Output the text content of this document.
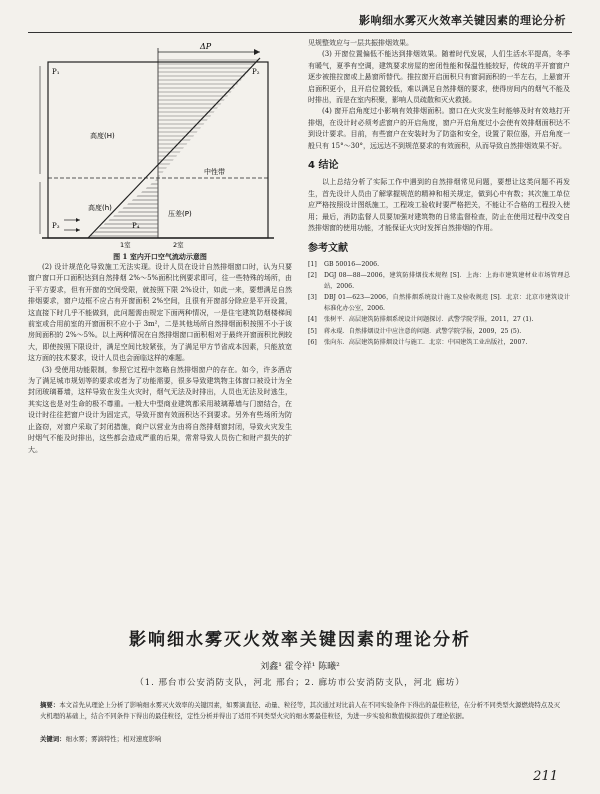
影响细水雾灭火效率关键因素的理论分析
ΔP
P₁	P₂
P₃	P₄
高度(H)
高度(h)
中性带
压差(P)
1室	2室
图 1 室内开口空气流动示意图

(2) 设计规范化导致施工无法实现。设计人员在设计自然排烟窗口时，认为只要窗户窗口开口面积达到自然排烟 2%～5%面积比例要求即可，往一些特殊的场所，由于平方要求，但有开窗的空间受限，就按照下限 2%设计，如此一来，要想满足自然排烟要求，窗户边框不应占有开窗面积 2%空间，且很有开窗部分除应是平开设置，这直接下时几乎不能做到，此问题需由规定下面两种情况，一是住宅建筑防烟楼梯间前室或合用前室的开窗面积不应小于 3m²，二是其他场所自然排烟面积按照不小于该房间面积的 2%～5%。以上两种情况在自然排烟窗口面积相对于最终开窗面积比例较大，即使按照下限设计，满足空间比较紧张，为了满足甲方节省成本因素，只能放宽这方面的技术要求，设计人员也会面临这样的难题。

(3) 受使用功能限制，参照它过程中忽略自然排烟窗户的存在。如今，许多酒店为了满足城市规划等的要求或者为了功能需要，很多导致建筑物主体窗口被设计为全封闭玻璃幕墙，这样导致在发生火灾时，烟气无法及时排出，人员也无法及时逃生，其实这也是对生命的极不尊重。一般大中型商业建筑都采用玻璃幕墙与门窗结合，在设计时往往把窗户设计为固定式，导致开窗有效面积达不到要求。另外有些场所为防止盗窃，对窗户采取了封闭措施，商户以营业为由将自然排烟窗封闭，导致火灾发生时烟气不能及时排出，这些都会造成严重的后果，常常导致人员伤亡和财产损失的扩大。

见规整效应与一层共振排烟效果。

(3) 开窗位置偏低不能达到排烟效果。随着时代发展，人们生活水平提高，冬季有暖气，夏季有空调，建筑要求房屋的密闭性能和保温性能较好，传统的平开窗窗户逐步被推拉窗或上悬窗所替代。推拉窗开启面积只有窗洞面积的一半左右，上悬窗开启面积更小，且开启位置较低，难以满足自然排烟的要求，使得房间内的烟气不能及时排出，而是在室内积聚，影响人员疏散和灭火救援。

(4) 窗开启角度过小影响有效排烟面积。窗口在火灾发生时能够及时有效地打开排烟，在设计时必须考虑窗户的开启角度，窗户开启角度过小会使有效排烟面积达不到设计要求。目前，有些窗户在安装时为了防盗和安全，设置了限位器，开启角度一般只有 15°～30°，远远达不到规范要求的有效面积，从而导致自然排烟效果不好。

4 结论

以上总结分析了实际工作中遇到的自然排烟常见问题，要想让这类问题不再发生，首先设计人员由了解掌握规范的精神和相关规定，做到心中有数；其次施工单位应严格按照设计图纸施工，工程竣工验收时要严格把关，不能让不合格的工程投入使用；最后，消防监督人员要加强对建筑物的日常监督检查，防止在使用过程中改变自然排烟窗的使用功能，才能保证火灾时发挥自然排烟的作用。

参考文献
[1]	GB 50016—2006.
[2]	DGJ 08—88—2006，建筑防排烟技术规程 [S]．上海：上海市建筑建材业市场管理总站，2006.
[3]	DBJ 01—623—2006，自然排烟系统设计施工及验收规范 [S]．北京：北京市建筑设计标准化办公室，2006.
[4]	张树平．高层建筑防排烟系统设计问题探讨．武警学院学报，2011，27 (1).
[5]	蒋永琨．自然排烟设计中应注意的问题．武警学院学报，2009，25 (5).
[6]	张向东．高层建筑防排烟设计与施工．北京：中国建筑工业出版社，2007.
影响细水雾灭火效率关键因素的理论分析
刘鑫¹ 霍令祥¹ 陈曦²
（1. 邢台市公安消防支队，河北 邢台；2. 廊坊市公安消防支队，河北 廊坊）
摘要：本文首先从理论上分析了影响细水雾灭火效率的关键因素，如雾滴直径、动量、粒径等，其次通过对比前人在不同实验条件下得出的最佳粒径，在分析不同类型火源燃烧特点及灭火机理的基础上，结合不同条件下得出的最佳粒径，定性分析并得出了适用不同类型火灾的细水雾最佳粒径，为进一步实验和数值模拟提供了理论依据。
关键词：细水雾；雾滴特性；相对速度影响
211
